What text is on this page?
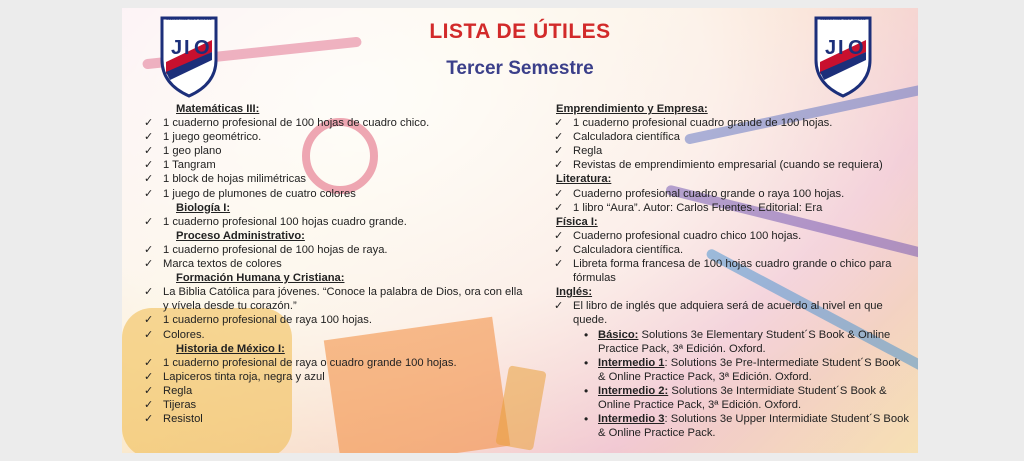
J I O
Escuela José Nario Olivares
J I O
Escuela José Nario Olivares
LISTA DE ÚTILES
Tercer Semestre
Matemáticas III:
✓ 1 cuaderno profesional de 100 hojas de cuadro chico.
✓ 1 juego geométrico.
✓ 1 geo plano
✓ 1 Tangram
✓ 1 block de hojas milimétricas
✓ 1 juego de plumones de cuatro colores
Biología I:
✓ 1 cuaderno profesional 100 hojas cuadro grande.
Proceso Administrativo:
✓ 1 cuaderno profesional de 100 hojas de raya.
✓ Marca textos de colores
Formación Humana y Cristiana:
✓ La Biblia Católica para jóvenes. “Conoce la palabra de Dios, ora con ella y vívela desde tu corazón.”
✓ 1 cuaderno profesional de raya 100 hojas.
✓ Colores.
Historia de México I:
✓ 1 cuaderno profesional de raya o cuadro grande 100 hojas.
✓ Lapiceros tinta roja, negra y azul
✓ Regla
✓ Tijeras
✓ Resistol
Emprendimiento y Empresa:
✓ 1 cuaderno profesional cuadro grande de 100 hojas.
✓ Calculadora científica
✓ Regla
✓ Revistas de emprendimiento empresarial (cuando se requiera)
Literatura:
✓ Cuaderno profesional cuadro grande o raya 100 hojas.
✓ 1 libro “Aura”. Autor: Carlos Fuentes. Editorial: Era
Física I:
✓ Cuaderno profesional cuadro chico 100 hojas.
✓ Calculadora científica.
✓ Libreta forma francesa de 100 hojas cuadro grande o chico para fórmulas
Inglés:
✓ El libro de inglés que adquiera será de acuerdo al nivel en que quede.
• Básico: Solutions 3e Elementary Student´S Book & Online Practice Pack, 3ª Edición. Oxford.
• Intermedio 1: Solutions 3e Pre-Intermediate Student´S Book & Online Practice Pack, 3ª Edición. Oxford.
• Intermedio 2: Solutions 3e Intermidiate Student´S Book & Online Practice Pack, 3ª Edición. Oxford.
• Intermedio 3: Solutions 3e Upper Intermidiate Student´S Book & Online Practice Pack.
